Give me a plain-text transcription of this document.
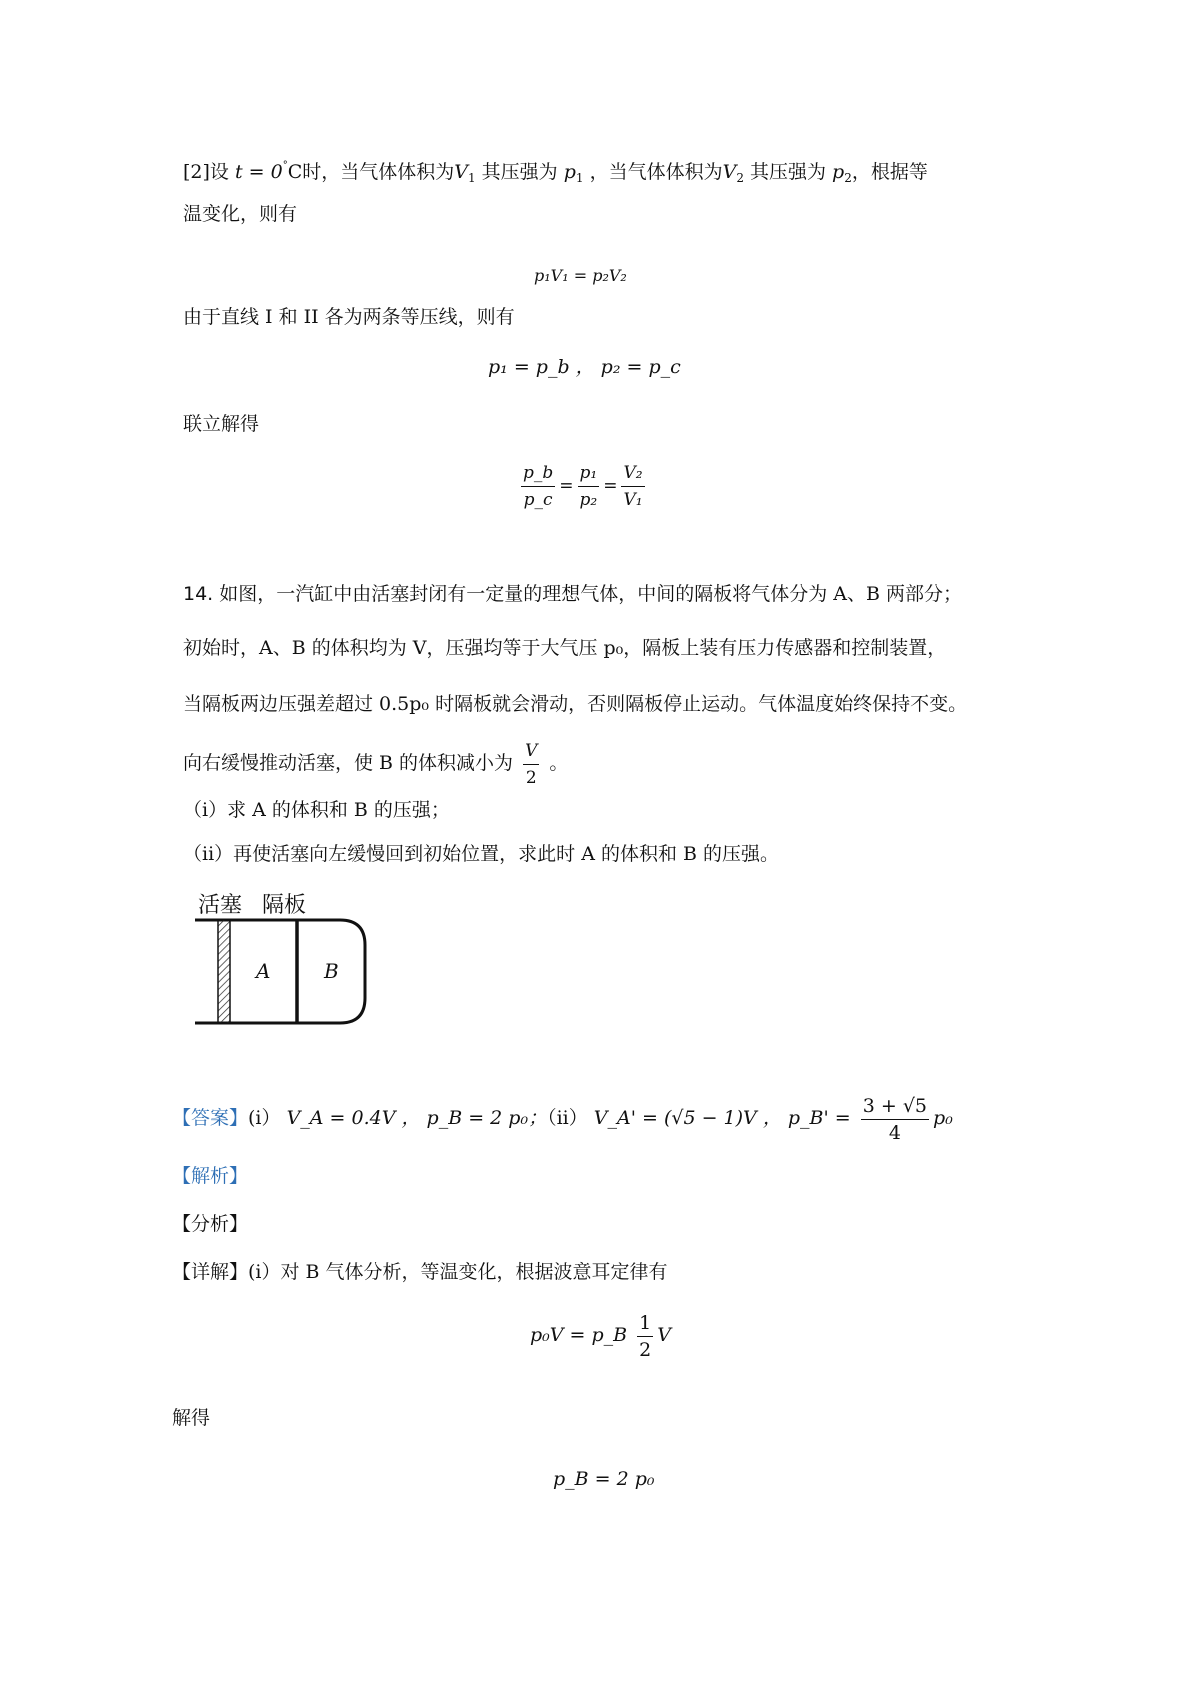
[2]设 t = 0°C时，当气体体积为$V_1$ 其压强为 $p_1$ ，当气体体积为$V_2$ 其压强为 $p_2$，根据等
温变化，则有
p₁V₁ = p₂V₂
由于直线 I 和 II 各为两条等压线，则有
p₁ = p_b ， p₂ = p_c
联立解得
$\frac{p\_b}{p\_c} = \frac{\text{p₁}}{\text{p₂}} = \frac{\text{V₂}}{\text{V₁}}$
14. 如图，一汽缸中由活塞封闭有一定量的理想气体，中间的隔板将气体分为 A、B 两部分；
初始时，A、B 的体积均为 V，压强均等于大气压 p₀，隔板上装有压力传感器和控制装置，
当隔板两边压强差超过 0.5p₀ 时隔板就会滑动，否则隔板停止运动。气体温度始终保持不变。
向右缓慢推动活塞，使 B 的体积减小为 $\frac{V}{2}$ 。
（i）求 A 的体积和 B 的压强；
（ii）再使活塞向左缓慢回到初始位置，求此时 A 的体积和 B 的压强。
活塞 隔板
A	B
【答案】(i） V_A = 0.4V ， p_B = 2 p₀；（ii） V_A' = (√5 − 1)V ， p_B' = $\frac{3 + √5}{4} p_0$
【解析】
【分析】
【详解】(i）对 B 气体分析，等温变化，根据波意耳定律有
p₀V = p_B $\frac{1}{2}$ V
解得
p_B = 2 p₀
